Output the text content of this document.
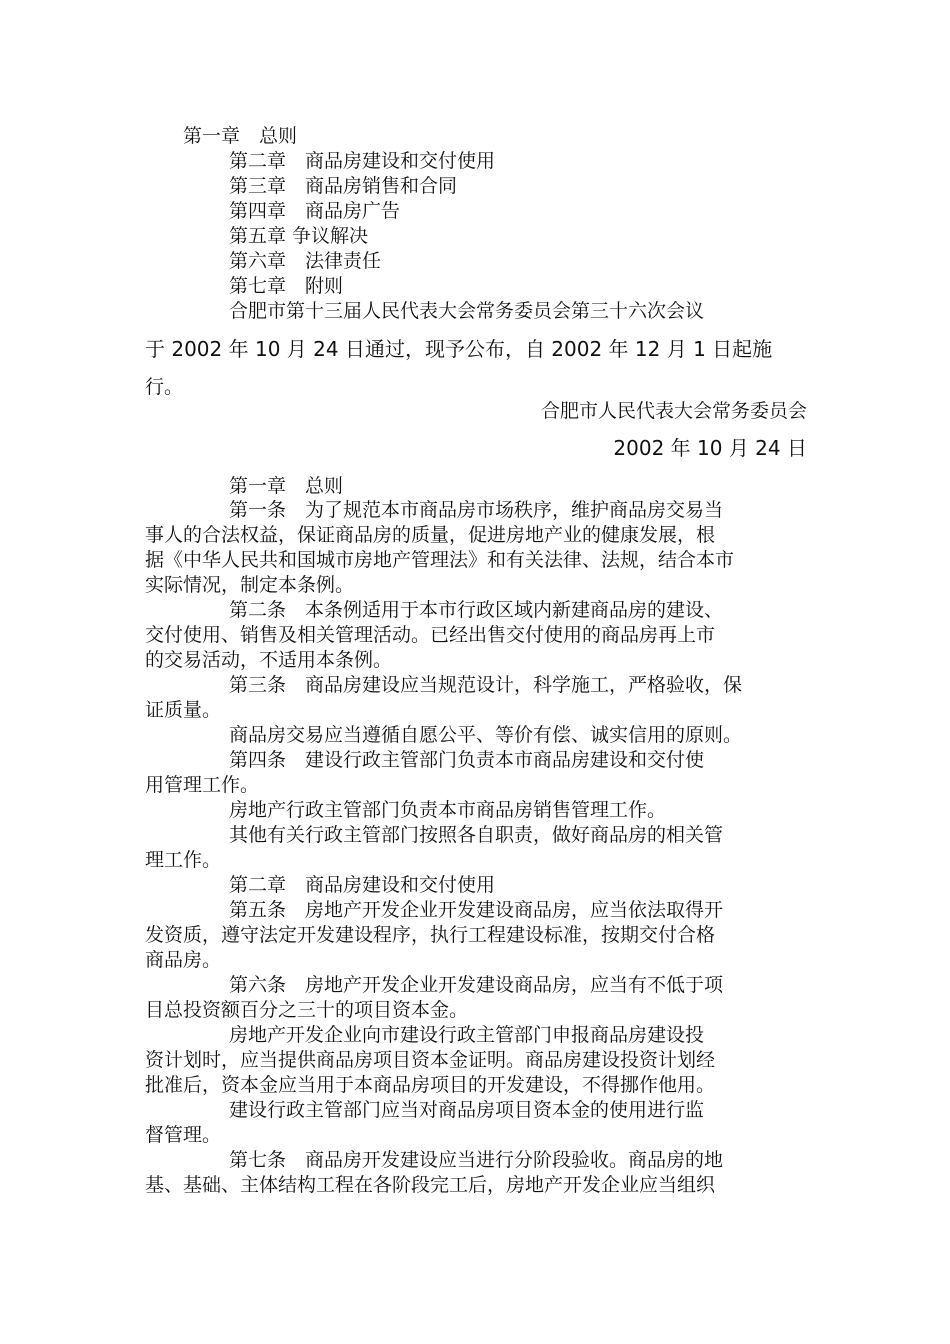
第一章　总则
第二章　商品房建设和交付使用
第三章　商品房销售和合同
第四章　商品房广告
第五章 争议解决
第六章　法律责任
第七章　附则
合肥市第十三届人民代表大会常务委员会第三十六次会议
于 2002 年 10 月 24 日通过，现予公布，自 2002 年 12 月 1 日起施
行。
合肥市人民代表大会常务委员会
2002 年 10 月 24 日
第一章　总则
第一条　为了规范本市商品房市场秩序，维护商品房交易当
事人的合法权益，保证商品房的质量，促进房地产业的健康发展，根
据《中华人民共和国城市房地产管理法》和有关法律、法规，结合本市
实际情况，制定本条例。
第二条　本条例适用于本市行政区域内新建商品房的建设、
交付使用、销售及相关管理活动。已经出售交付使用的商品房再上市
的交易活动，不适用本条例。
第三条　商品房建设应当规范设计，科学施工，严格验收，保
证质量。
商品房交易应当遵循自愿公平、等价有偿、诚实信用的原则。
第四条　建设行政主管部门负责本市商品房建设和交付使
用管理工作。
房地产行政主管部门负责本市商品房销售管理工作。
其他有关行政主管部门按照各自职责，做好商品房的相关管
理工作。
第二章　商品房建设和交付使用
第五条　房地产开发企业开发建设商品房，应当依法取得开
发资质，遵守法定开发建设程序，执行工程建设标准，按期交付合格
商品房。
第六条　房地产开发企业开发建设商品房，应当有不低于项
目总投资额百分之三十的项目资本金。
房地产开发企业向市建设行政主管部门申报商品房建设投
资计划时，应当提供商品房项目资本金证明。商品房建设投资计划经
批准后，资本金应当用于本商品房项目的开发建设，不得挪作他用。
建设行政主管部门应当对商品房项目资本金的使用进行监
督管理。
第七条　商品房开发建设应当进行分阶段验收。商品房的地
基、基础、主体结构工程在各阶段完工后，房地产开发企业应当组织
